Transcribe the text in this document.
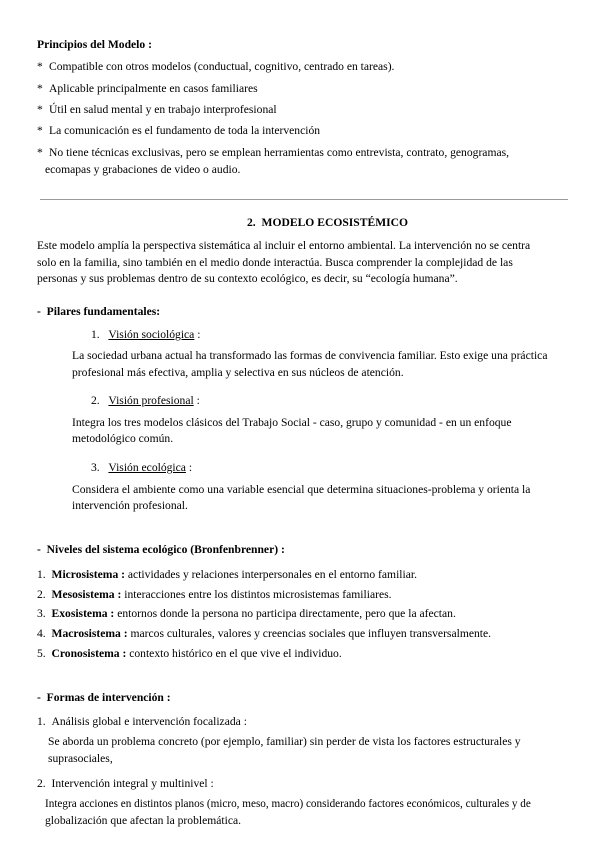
Principios del Modelo :
* Compatible con otros modelos (conductual, cognitivo, centrado en tareas).
* Aplicable principalmente en casos familiares
* Útil en salud mental y en trabajo interprofesional
* La comunicación es el fundamento de toda la intervención
* No tiene técnicas exclusivas, pero se emplean herramientas como entrevista, contrato, genogramas,
ecomapas y grabaciones de video o audio.
2. MODELO ECOSISTÉMICO
Este modelo amplía la perspectiva sistemática al incluir el entorno ambiental. La intervención no se centra
solo en la familia, sino también en el medio donde interactúa. Busca comprender la complejidad de las
personas y sus problemas dentro de su contexto ecológico, es decir, su “ecología humana”.
- Pilares fundamentales:
1. Visión sociológica :
La sociedad urbana actual ha transformado las formas de convivencia familiar. Esto exige una práctica
profesional más efectiva, amplia y selectiva en sus núcleos de atención.
2. Visión profesional :
Integra los tres modelos clásicos del Trabajo Social - caso, grupo y comunidad - en un enfoque
metodológico común.
3. Visión ecológica :
Considera el ambiente como una variable esencial que determina situaciones-problema y orienta la
intervención profesional.
- Niveles del sistema ecológico (Bronfenbrenner) :
1. Microsistema : actividades y relaciones interpersonales en el entorno familiar.
2. Mesosistema : interacciones entre los distintos microsistemas familiares.
3. Exosistema : entornos donde la persona no participa directamente, pero que la afectan.
4. Macrosistema : marcos culturales, valores y creencias sociales que influyen transversalmente.
5. Cronosistema : contexto histórico en el que vive el individuo.
- Formas de intervención :
1. Análisis global e intervención focalizada :
Se aborda un problema concreto (por ejemplo, familiar) sin perder de vista los factores estructurales y
suprasociales,
2. Intervención integral y multinivel :
Integra acciones en distintos planos (micro, meso, macro) considerando factores económicos, culturales y de
globalización que afectan la problemática.
